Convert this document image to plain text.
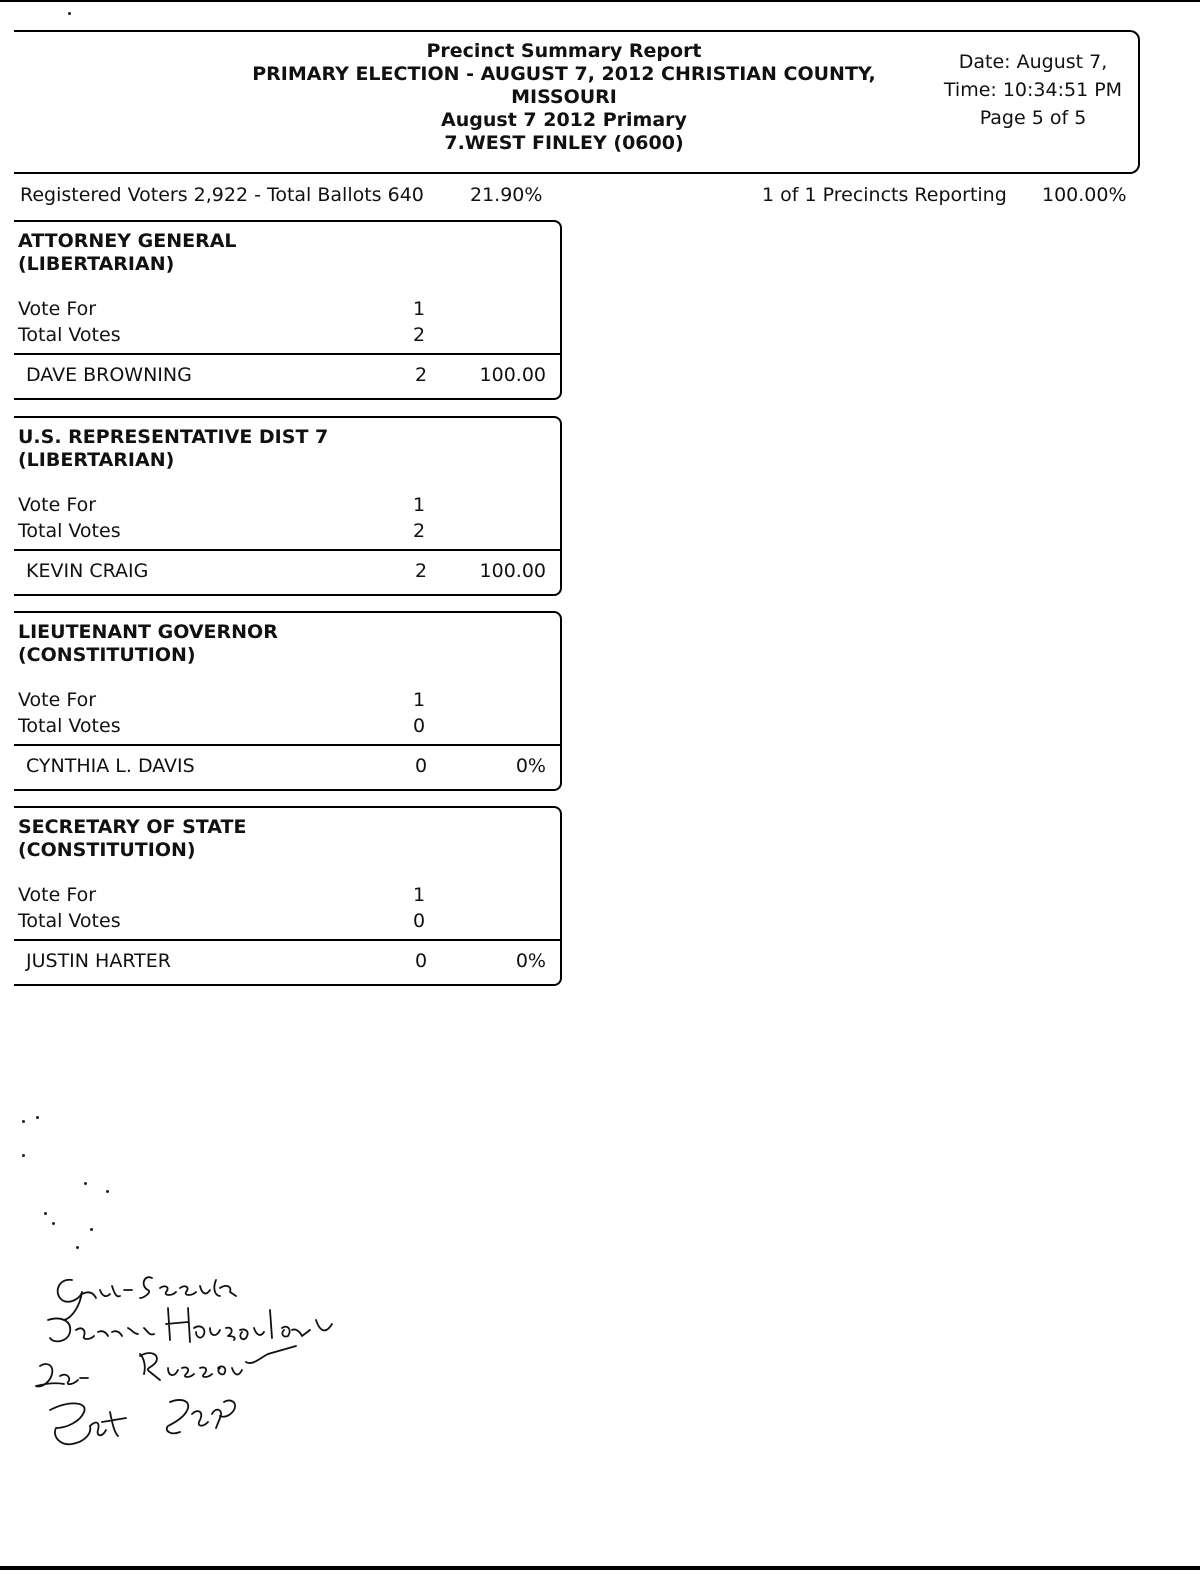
Precinct Summary Report
PRIMARY ELECTION - AUGUST 7, 2012 CHRISTIAN COUNTY,
MISSOURI
August 7 2012 Primary
7.WEST FINLEY (0600)
Date: August 7,
Time: 10:34:51 PM
Page 5 of 5
Registered Voters 2,922 - Total Ballots 640 21.90%	1 of 1 Precincts Reporting 100.00%
ATTORNEY GENERAL
(LIBERTARIAN)
Vote For	1
Total Votes	2
DAVE BROWNING	2	100.00
U.S. REPRESENTATIVE DIST 7
(LIBERTARIAN)
Vote For	1
Total Votes	2
KEVIN CRAIG	2	100.00
LIEUTENANT GOVERNOR
(CONSTITUTION)
Vote For	1
Total Votes	0
CYNTHIA L. DAVIS	0	0%
SECRETARY OF STATE
(CONSTITUTION)
Vote For	1
Total Votes	0
JUSTIN HARTER	0	0%
